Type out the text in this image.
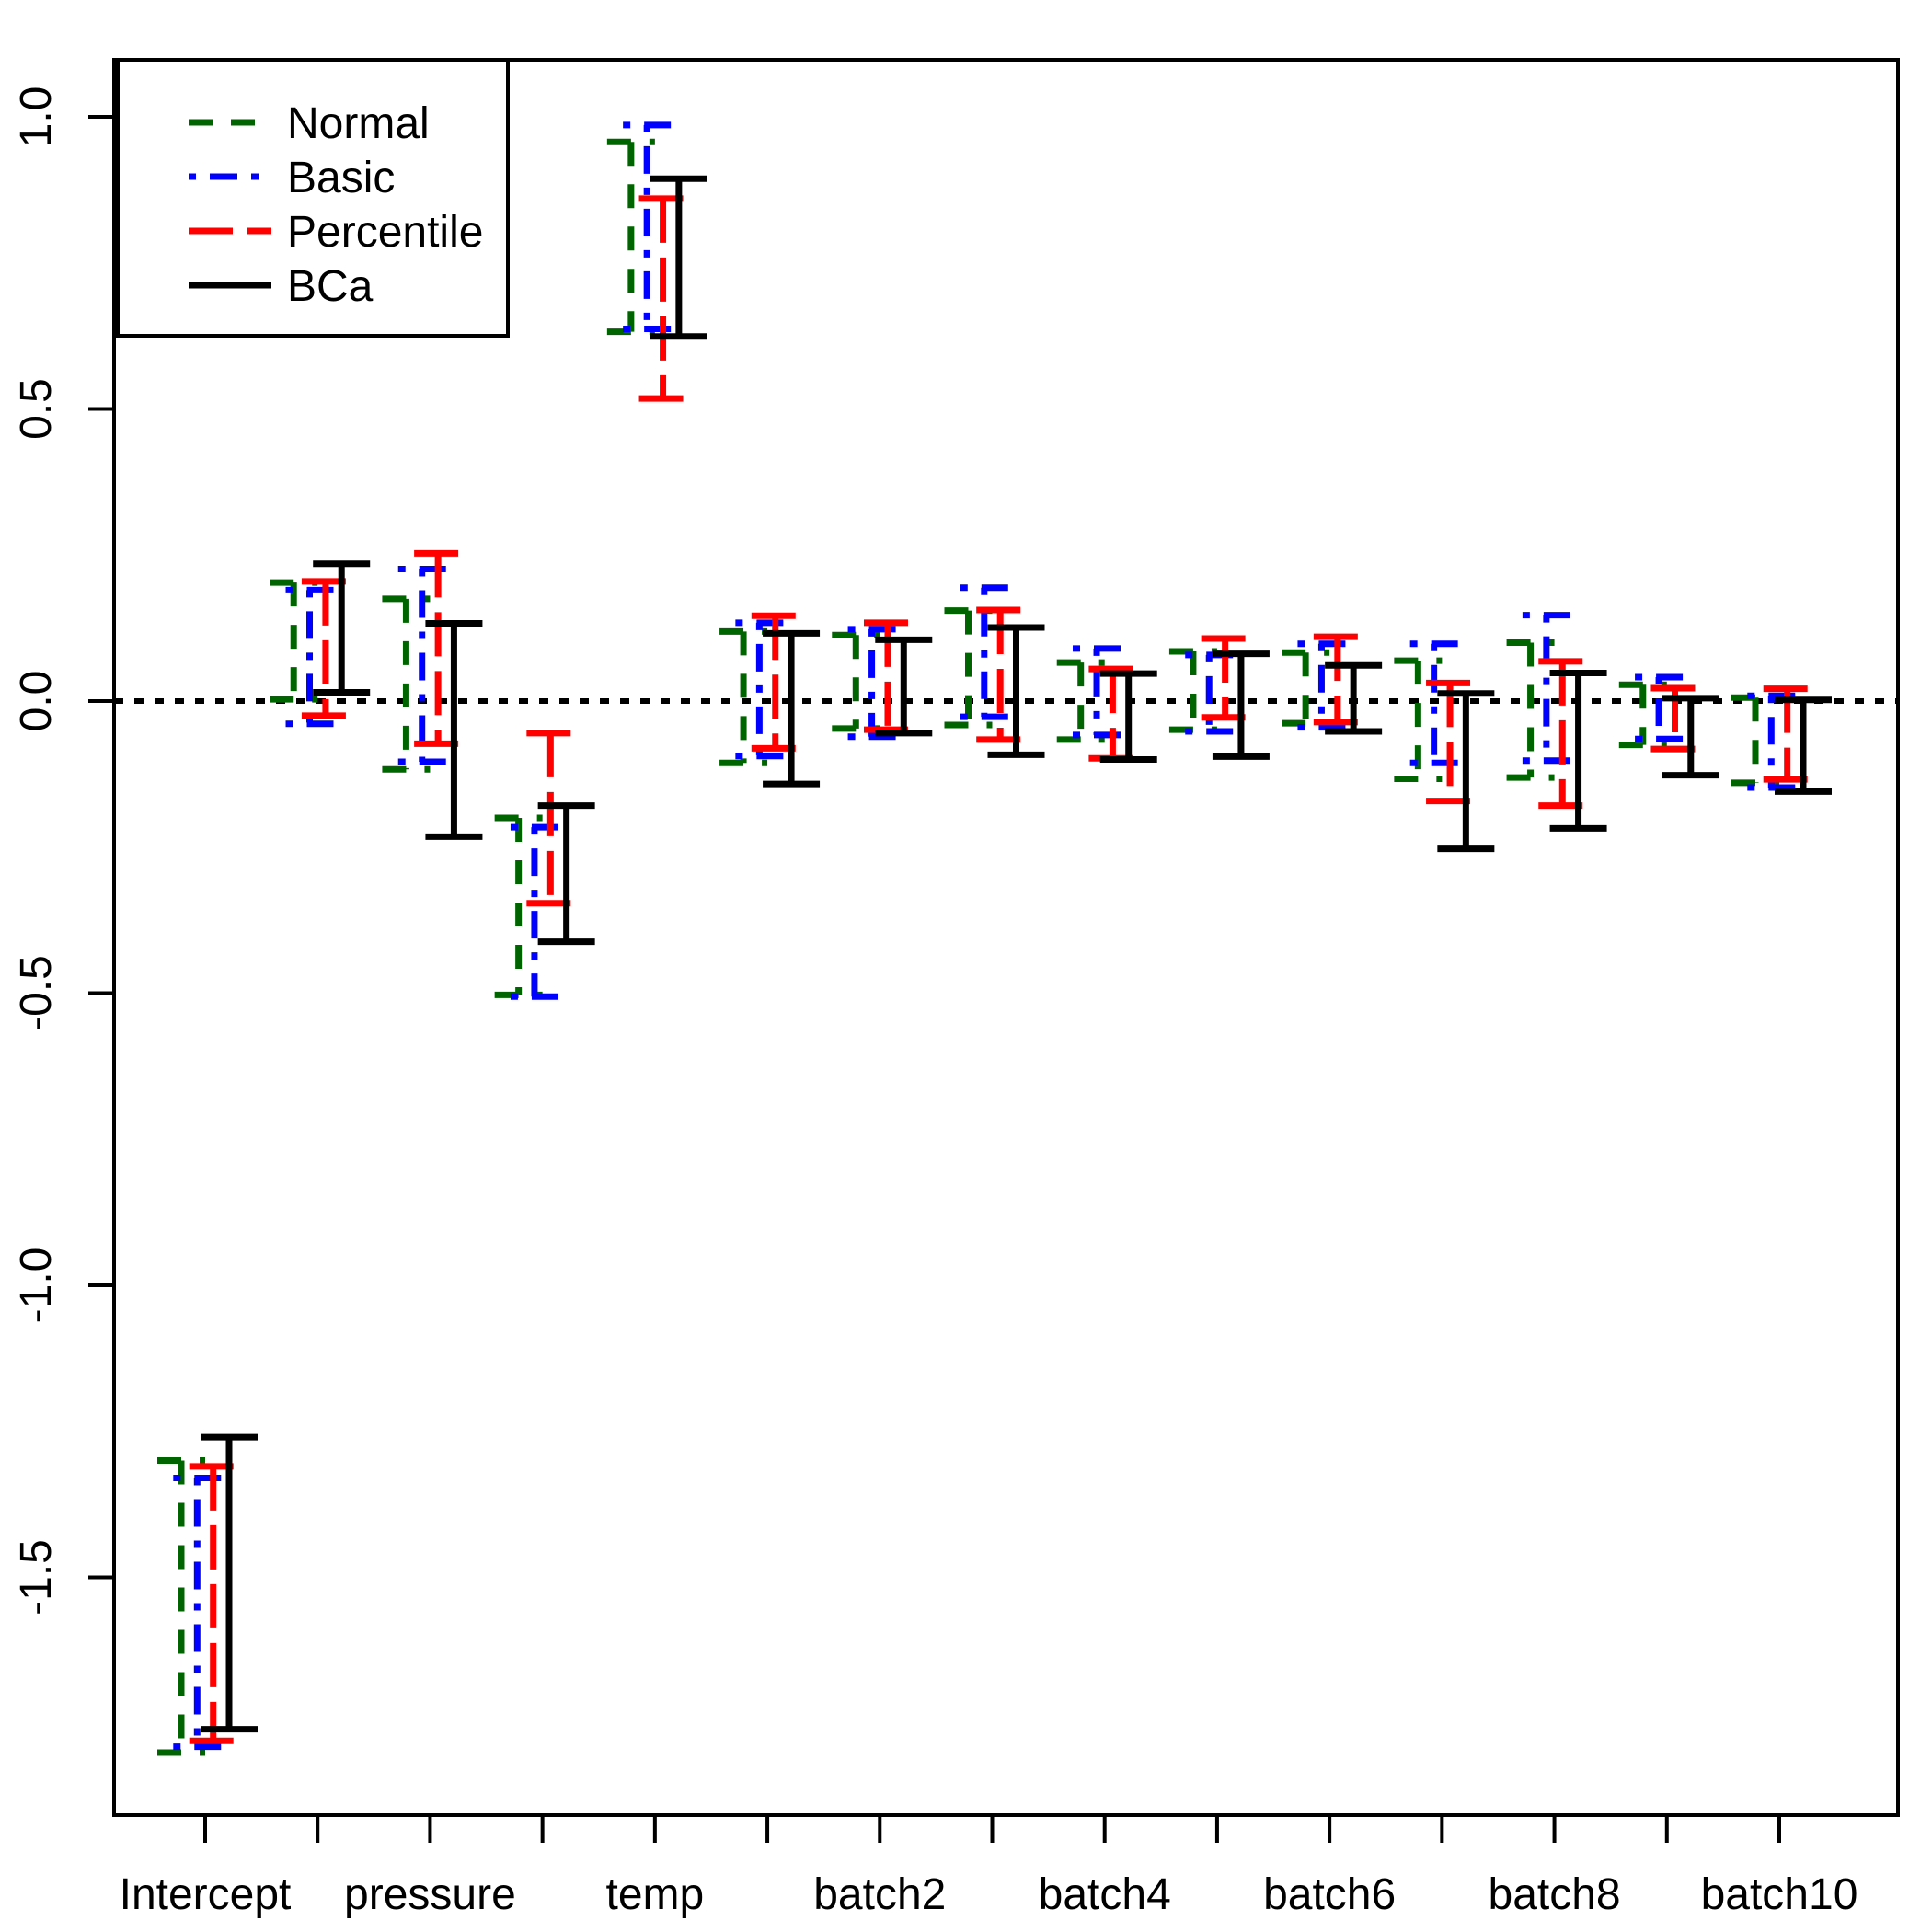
1.0
0.5
0.0
-0.5
-1.0
-1.5
Intercept pressure temp batch2 batch4 batch6 batch8 batch10
Normal
Basic
Percentile
BCa
